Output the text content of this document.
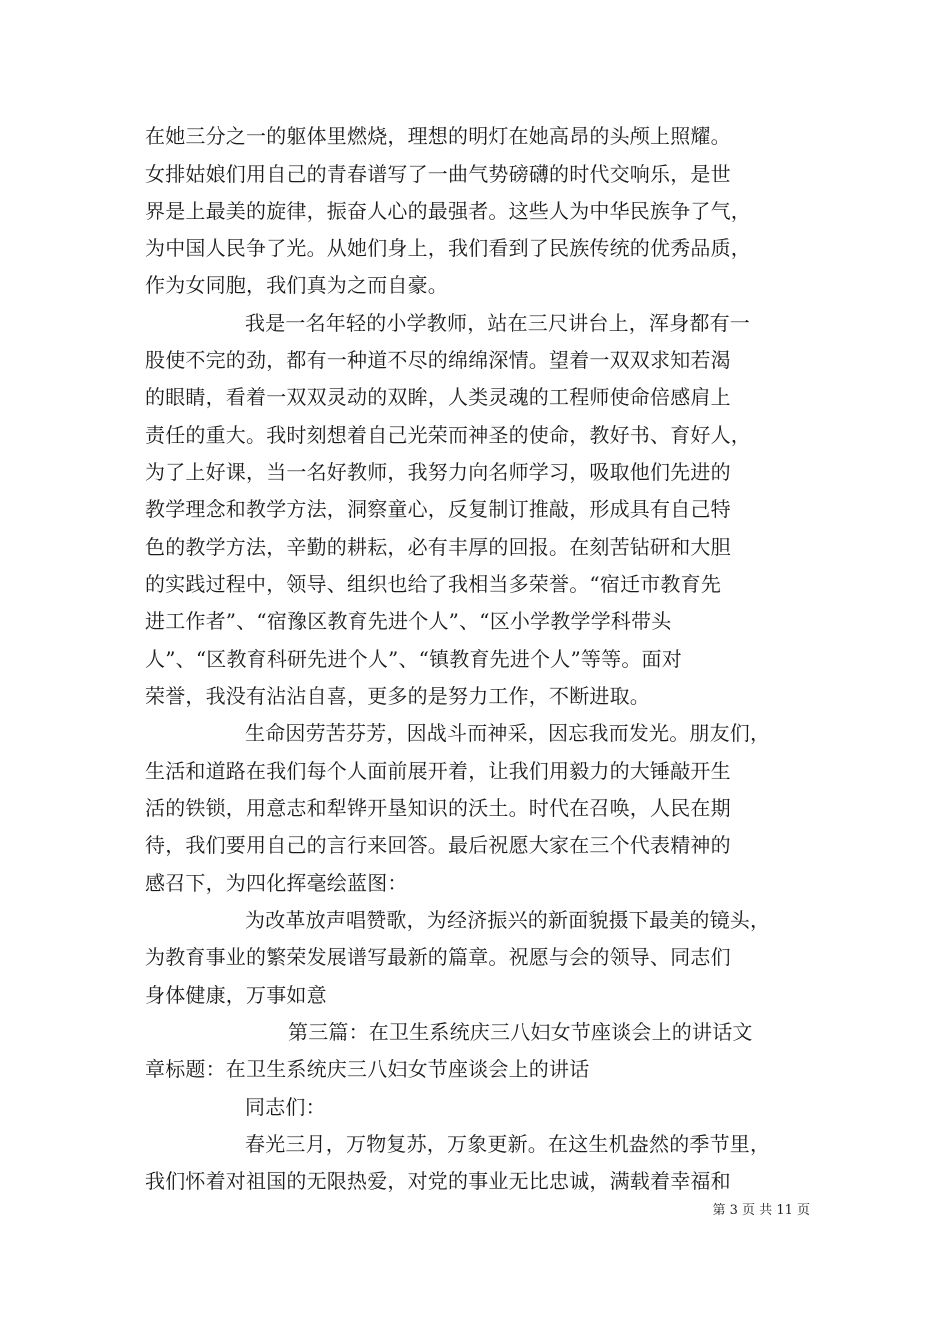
在她三分之一的躯体里燃烧，理想的明灯在她高昂的头颅上照耀。
女排姑娘们用自己的青春谱写了一曲气势磅礴的时代交响乐，是世
界是上最美的旋律，振奋人心的最强者。这些人为中华民族争了气，
为中国人民争了光。从她们身上，我们看到了民族传统的优秀品质，
作为女同胞，我们真为之而自豪。
我是一名年轻的小学教师，站在三尺讲台上，浑身都有一
股使不完的劲，都有一种道不尽的绵绵深情。望着一双双求知若渴
的眼睛，看着一双双灵动的双眸，人类灵魂的工程师使命倍感肩上
责任的重大。我时刻想着自己光荣而神圣的使命，教好书、育好人，
为了上好课，当一名好教师，我努力向名师学习，吸取他们先进的
教学理念和教学方法，洞察童心，反复制订推敲，形成具有自己特
色的教学方法，辛勤的耕耘，必有丰厚的回报。在刻苦钻研和大胆
的实践过程中，领导、组织也给了我相当多荣誉。“宿迁市教育先
进工作者”、“宿豫区教育先进个人”、“区小学教学学科带头
人”、“区教育科研先进个人”、“镇教育先进个人”等等。面对
荣誉，我没有沾沾自喜，更多的是努力工作，不断进取。
生命因劳苦芬芳，因战斗而神采，因忘我而发光。朋友们，
生活和道路在我们每个人面前展开着，让我们用毅力的大锤敲开生
活的铁锁，用意志和犁铧开垦知识的沃土。时代在召唤，人民在期
待，我们要用自己的言行来回答。最后祝愿大家在三个代表精神的
感召下，为四化挥毫绘蓝图：
为改革放声唱赞歌，为经济振兴的新面貌摄下最美的镜头，
为教育事业的繁荣发展谱写最新的篇章。祝愿与会的领导、同志们
身体健康，万事如意
第三篇：在卫生系统庆三八妇女节座谈会上的讲话文
章标题：在卫生系统庆三八妇女节座谈会上的讲话
同志们：
春光三月，万物复苏，万象更新。在这生机盎然的季节里，
我们怀着对祖国的无限热爱，对党的事业无比忠诚，满载着幸福和
第 3 页 共 11 页
